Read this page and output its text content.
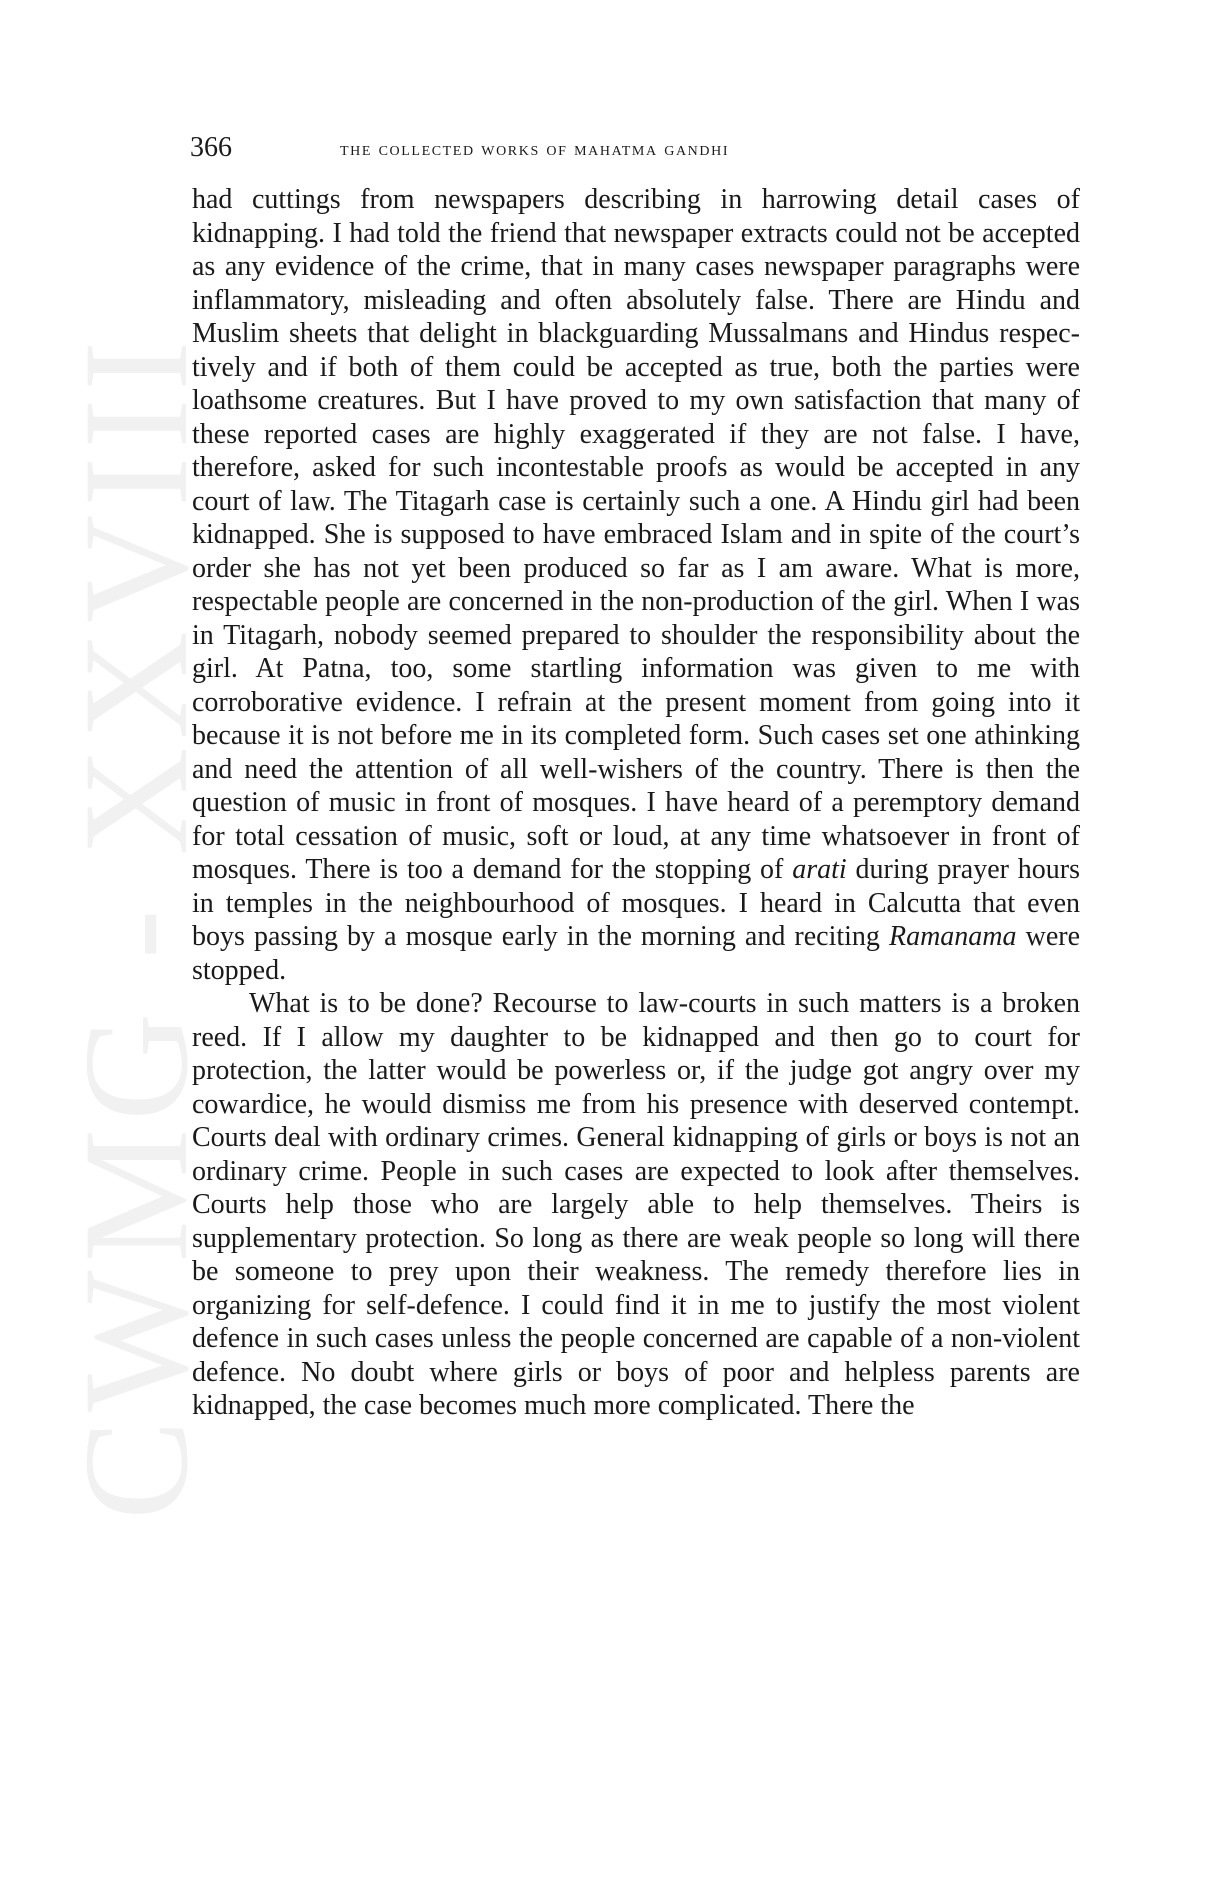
CWMG - XXVIII
366	the collected works of mahatma gandhi

had cuttings from newspapers describing in harrowing detail cases of kidnapping. I had told the friend that newspaper extracts could not be accepted as any evidence of the crime, that in many cases newspaper paragraphs were inflammatory, misleading and often absolutely false. There are Hindu and Muslim sheets that delight in blackguarding Mussalmans and Hindus respectively and if both of them could be accepted as true, both the parties were loathsome creatures. But I have proved to my own satisfaction that many of these reported cases are highly exaggerated if they are not false. I have, therefore, asked for such incontestable proofs as would be accepted in any court of law. The Titagarh case is certainly such a one. A Hindu girl had been kidnapped. She is supposed to have embraced Islam and in spite of the court’s order she has not yet been produced so far as I am aware. What is more, respectable people are concerned in the non-production of the girl. When I was in Titagarh, nobody seemed prepared to shoulder the responsibility about the girl. At Patna, too, some startling information was given to me with corroborative evidence. I refrain at the present moment from going into it because it is not before me in its completed form. Such cases set one athinking and need the attention of all well-wishers of the country. There is then the question of music in front of mosques. I have heard of a peremptory demand for total cessation of music, soft or loud, at any time whatsoever in front of mosques. There is too a demand for the stopping of arati during prayer hours in temples in the neighbourhood of mosques. I heard in Calcutta that even boys passing by a mosque early in the morning and reciting Ramanama were stopped.

What is to be done? Recourse to law-courts in such matters is a broken reed. If I allow my daughter to be kidnapped and then go to court for protection, the latter would be powerless or, if the judge got angry over my cowardice, he would dismiss me from his presence with deserved contempt. Courts deal with ordinary crimes. General kidnapping of girls or boys is not an ordinary crime. People in such cases are expected to look after themselves. Courts help those who are largely able to help themselves. Theirs is supplementary protection. So long as there are weak people so long will there be someone to prey upon their weakness. The remedy therefore lies in organizing for self-defence. I could find it in me to justify the most violent defence in such cases unless the people concerned are capable of a non-violent defence. No doubt where girls or boys of poor and helpless parents are kidnapped, the case becomes much more complicated. There the
